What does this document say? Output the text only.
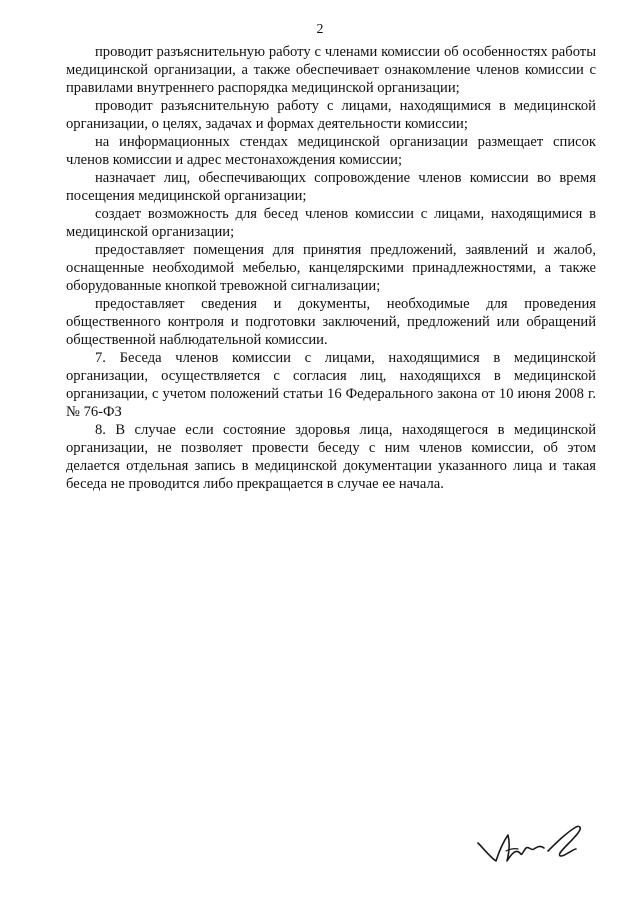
2

проводит разъяснительную работу с членами комиссии об особенностях работы медицинской организации, а также обеспечивает ознакомление членов комиссии с правилами внутреннего распорядка медицинской организации;

проводит разъяснительную работу с лицами, находящимися в медицинской организации, о целях, задачах и формах деятельности комиссии;

на информационных стендах медицинской организации размещает список членов комиссии и адрес местонахождения комиссии;

назначает лиц, обеспечивающих сопровождение членов комиссии во время посещения медицинской организации;

создает возможность для бесед членов комиссии с лицами, находящимися в медицинской организации;

предоставляет помещения для принятия предложений, заявлений и жалоб, оснащенные необходимой мебелью, канцелярскими принадлежностями, а также оборудованные кнопкой тревожной сигнализации;

предоставляет сведения и документы, необходимые для проведения общественного контроля и подготовки заключений, предложений или обращений общественной наблюдательной комиссии.

7. Беседа членов комиссии с лицами, находящимися в медицинской организации, осуществляется с согласия лиц, находящихся в медицинской организации, с учетом положений статьи 16 Федерального закона от 10 июня 2008 г. № 76-ФЗ

8. В случае если состояние здоровья лица, находящегося в медицинской организации, не позволяет провести беседу с ним членов комиссии, об этом делается отдельная запись в медицинской документации указанного лица и такая беседа не проводится либо прекращается в случае ее начала.
